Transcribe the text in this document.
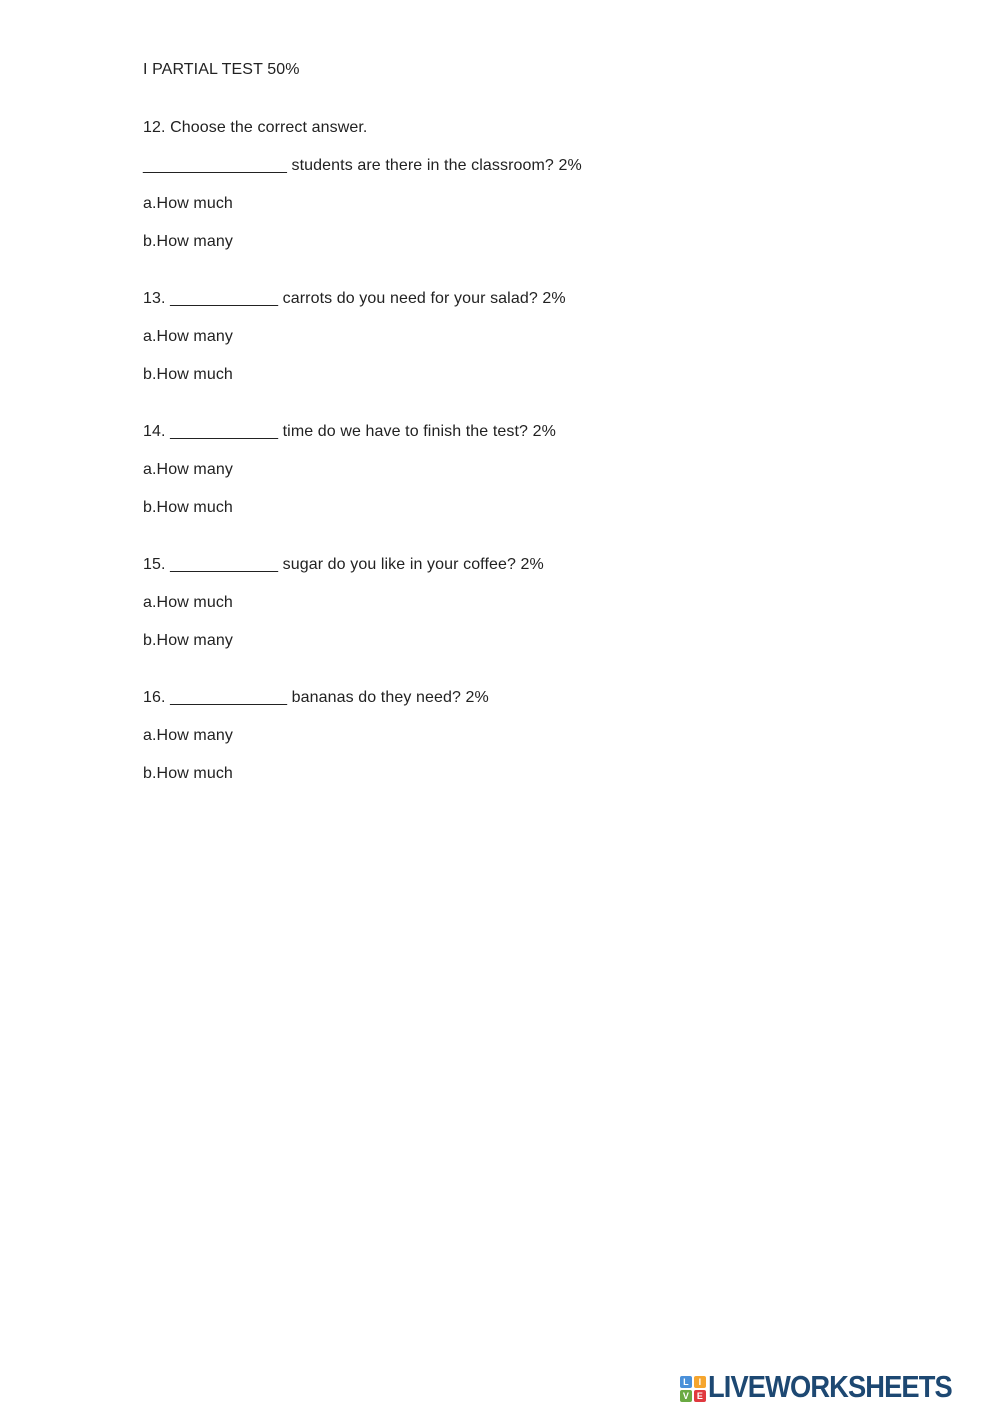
I PARTIAL TEST 50%

12. Choose the correct answer.

________________ students are there in the classroom? 2%

a.How much

b.How many

13. ____________ carrots do you need for your salad? 2%

a.How many

b.How much

14. ____________ time do we have to finish the test? 2%

a.How many

b.How much

15. ____________ sugar do you like in your coffee? 2%

a.How much

b.How many

16. _____________ bananas do they need? 2%

a.How many

b.How much

L	I
V E LIVEWORKSHEETS
